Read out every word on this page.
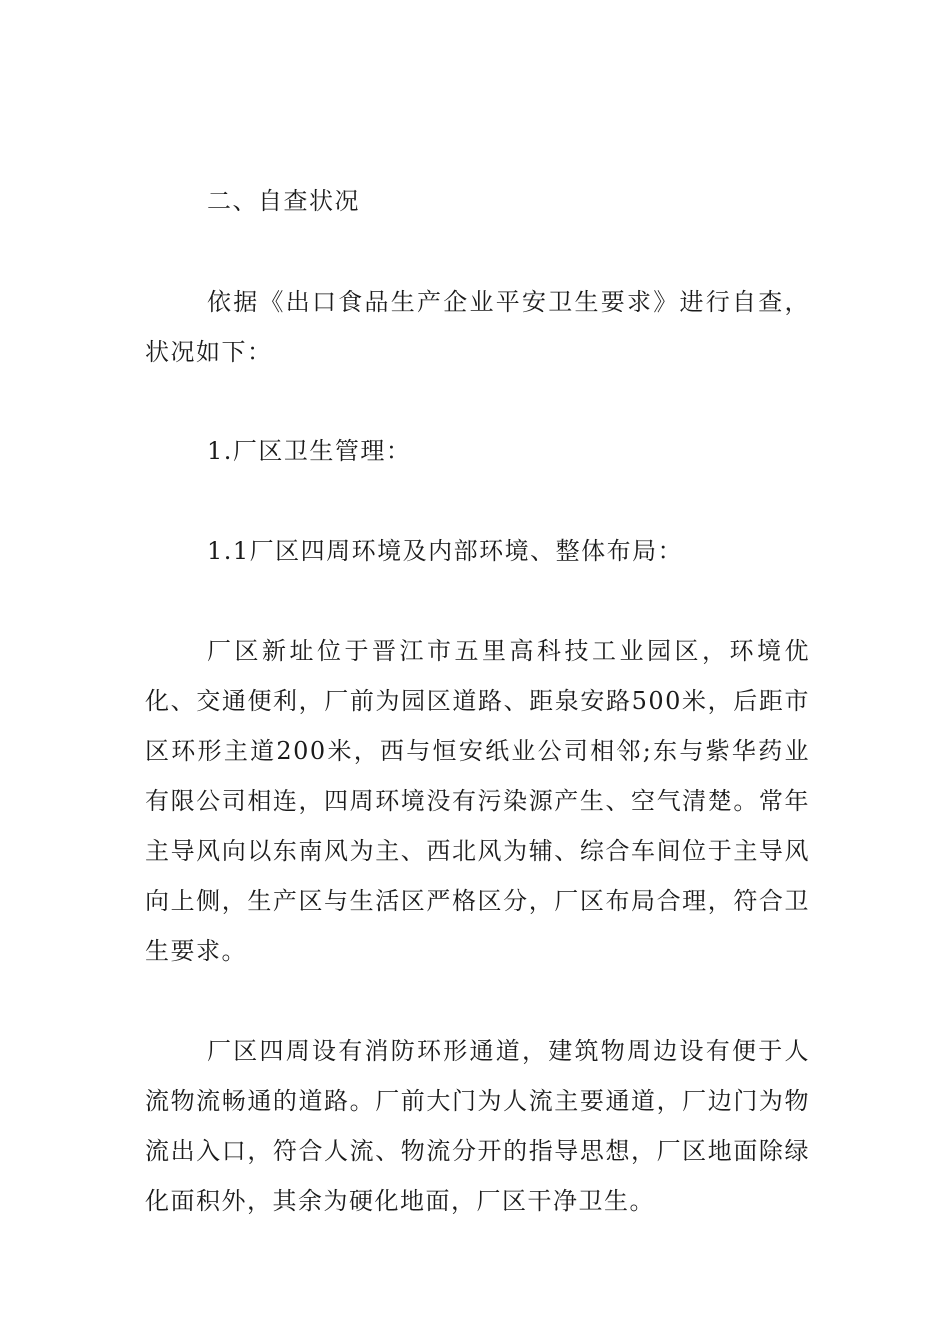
二、自查状况

依据《出口食品生产企业平安卫生要求》进行自查，状况如下：

1.厂区卫生管理：

1.1厂区四周环境及内部环境、整体布局：

厂区新址位于晋江市五里高科技工业园区，环境优化、交通便利，厂前为园区道路、距泉安路500米，后距市区环形主道200米，西与恒安纸业公司相邻;东与紫华药业有限公司相连，四周环境没有污染源产生、空气清楚。常年主导风向以东南风为主、西北风为辅、综合车间位于主导风向上侧，生产区与生活区严格区分，厂区布局合理，符合卫生要求。

厂区四周设有消防环形通道，建筑物周边设有便于人流物流畅通的道路。厂前大门为人流主要通道，厂边门为物流出入口，符合人流、物流分开的指导思想，厂区地面除绿化面积外，其余为硬化地面，厂区干净卫生。
